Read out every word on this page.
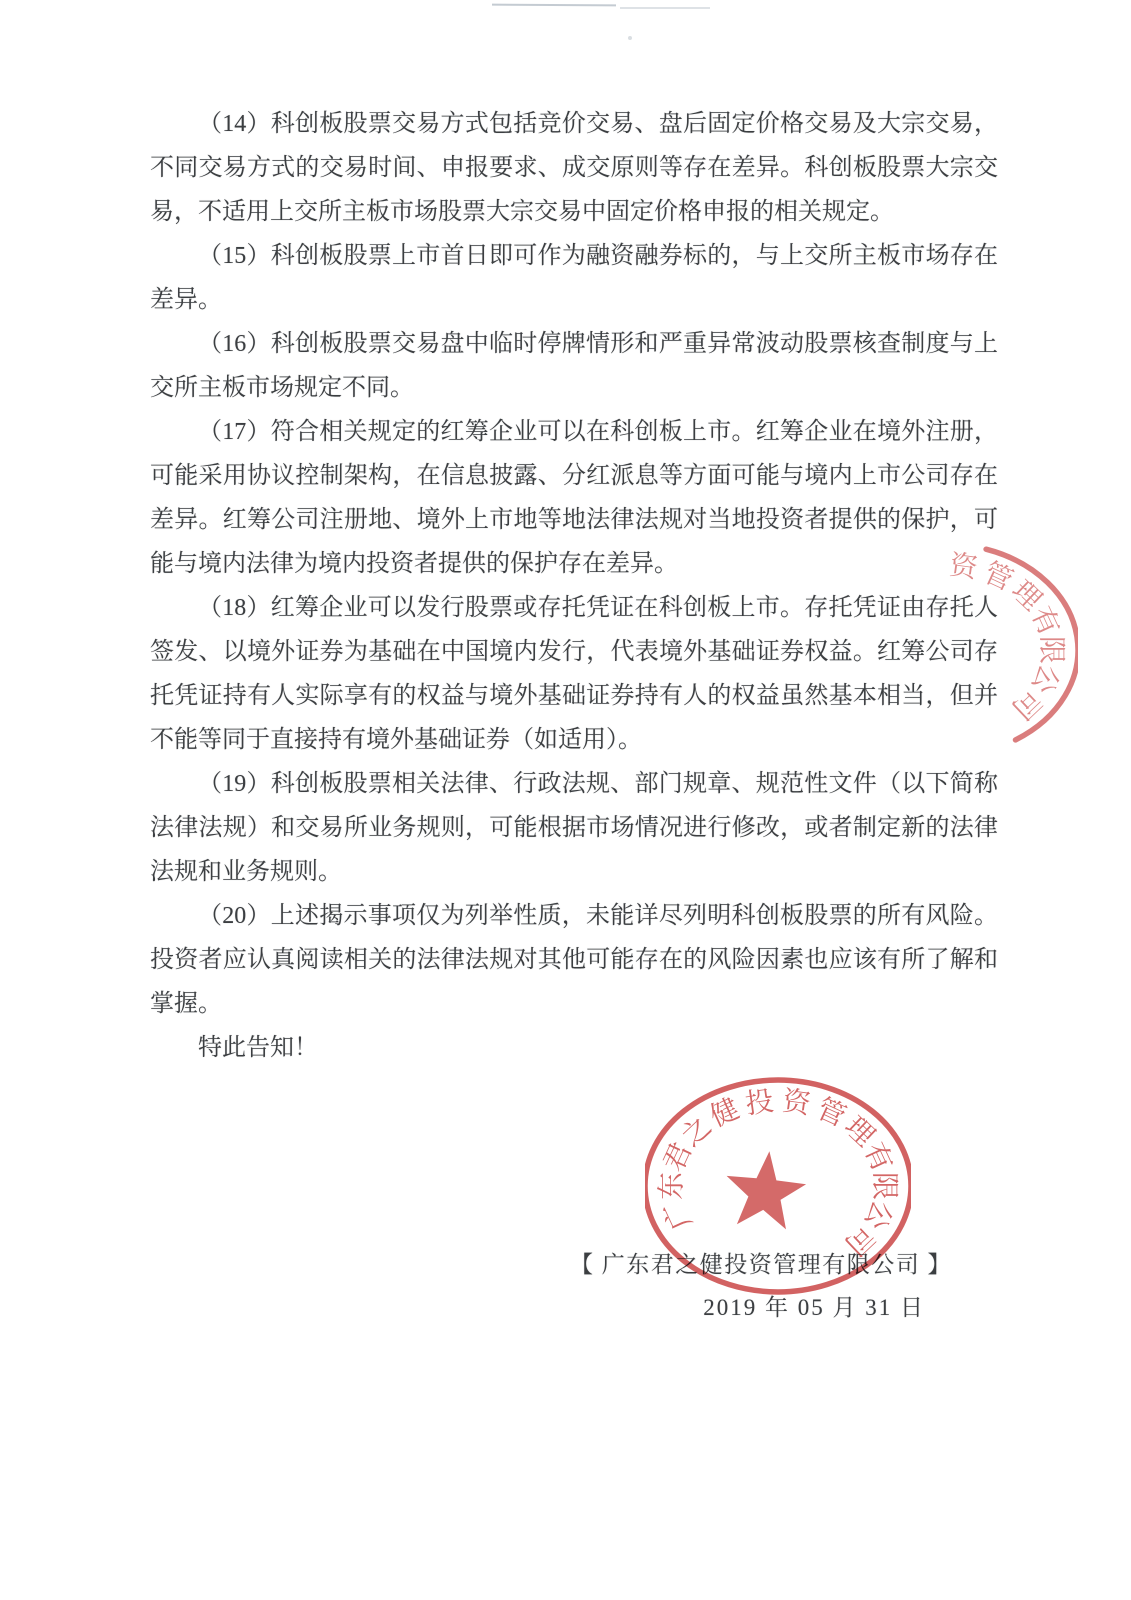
（14）科创板股票交易方式包括竞价交易、盘后固定价格交易及大宗交易，不同交易方式的交易时间、申报要求、成交原则等存在差异。科创板股票大宗交易，不适用上交所主板市场股票大宗交易中固定价格申报的相关规定。

（15）科创板股票上市首日即可作为融资融券标的，与上交所主板市场存在差异。

（16）科创板股票交易盘中临时停牌情形和严重异常波动股票核查制度与上交所主板市场规定不同。

（17）符合相关规定的红筹企业可以在科创板上市。红筹企业在境外注册，可能采用协议控制架构，在信息披露、分红派息等方面可能与境内上市公司存在差异。红筹公司注册地、境外上市地等地法律法规对当地投资者提供的保护，可能与境内法律为境内投资者提供的保护存在差异。

（18）红筹企业可以发行股票或存托凭证在科创板上市。存托凭证由存托人签发、以境外证券为基础在中国境内发行，代表境外基础证券权益。红筹公司存托凭证持有人实际享有的权益与境外基础证券持有人的权益虽然基本相当，但并不能等同于直接持有境外基础证券（如适用）。

（19）科创板股票相关法律、行政法规、部门规章、规范性文件（以下简称法律法规）和交易所业务规则，可能根据市场情况进行修改，或者制定新的法律法规和业务规则。

（20）上述揭示事项仅为列举性质，未能详尽列明科创板股票的所有风险。投资者应认真阅读相关的法律法规对其他可能存在的风险因素也应该有所了解和掌握。

特此告知！

【 广东君之健投资管理有限公司 】
2019 年 05 月 31 日
资 管
理
有
限
公
司
广
东
君
之
健 投 资 管
理
有
限
公
司
